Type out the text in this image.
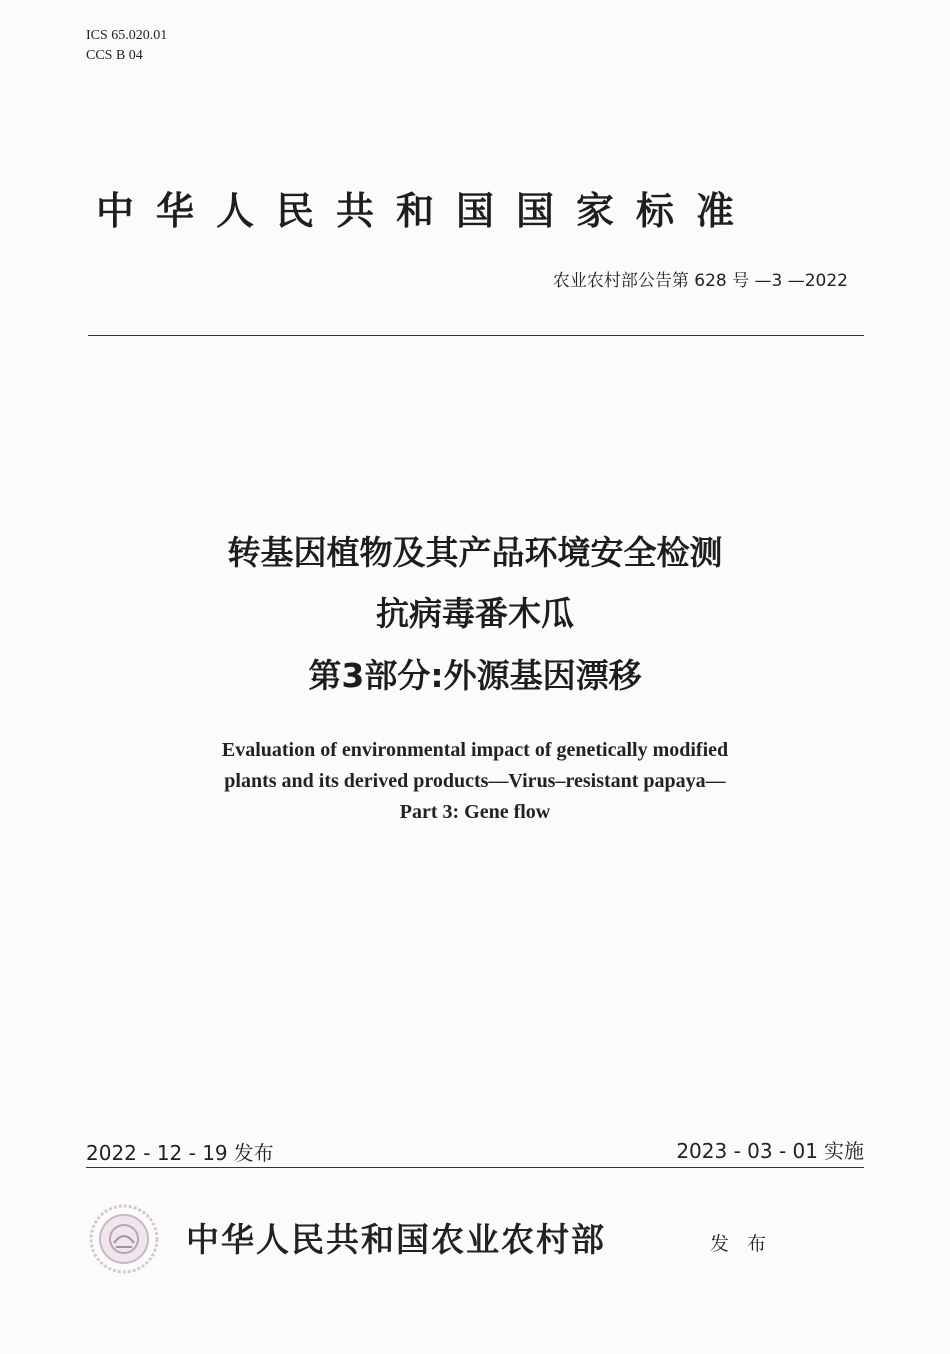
ICS 65.020.01
CCS B 04
中华人民共和国国家标准
农业农村部公告第 628 号 —3 —2022
转基因植物及其产品环境安全检测
抗病毒番木瓜
第3部分:外源基因漂移
Evaluation of environmental impact of genetically modified
plants and its derived products—Virus–resistant papaya—
Part 3: Gene flow
2022 - 12 - 19 发布	2023 - 03 - 01 实施
中华人民共和国农业农村部	发 布
